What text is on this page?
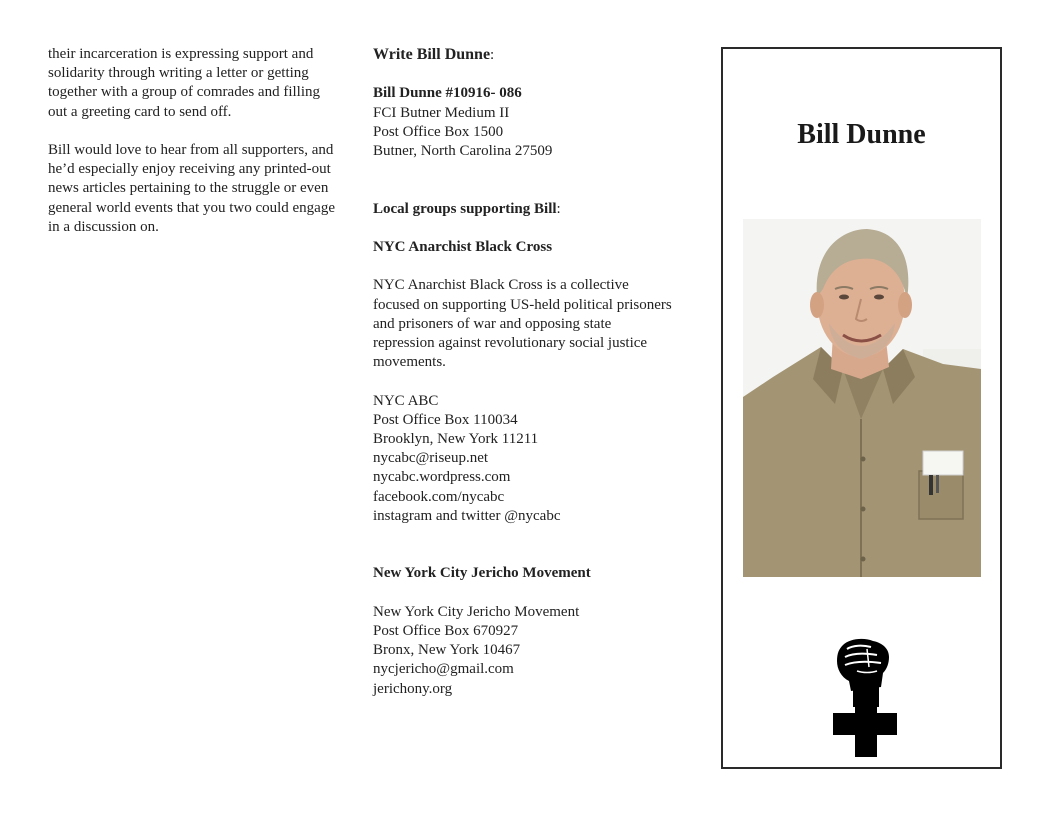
their incarceration is expressing support and solidarity through writing a letter or getting together with a group of comrades and filling out a greeting card to send off.

Bill would love to hear from all supporters, and he’d especially enjoy receiving any printed-out news articles pertaining to the struggle or even general world events that you two could engage in a discussion on.

Write Bill Dunne:

Bill Dunne #10916- 086

FCI Butner Medium II

Post Office Box 1500

Butner, North Carolina 27509

Local groups supporting Bill:

NYC Anarchist Black Cross

NYC Anarchist Black Cross is a collective focused on supporting US-held political prisoners and prisoners of war and opposing state repression against revolutionary social justice movements.

NYC ABC

Post Office Box 110034

Brooklyn, New York 11211

nycabc@riseup.net

nycabc.wordpress.com

facebook.com/nycabc

instagram and twitter @nycabc

New York City Jericho Movement

New York City Jericho Movement

Post Office Box 670927

Bronx, New York 10467

nycjericho@gmail.com

jerichony.org

Bill Dunne
